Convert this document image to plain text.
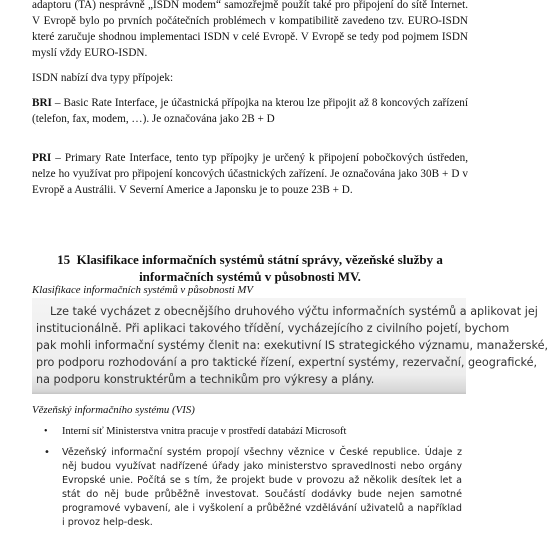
adaptoru (TA) nesprávně „ISDN modem“ samozřejmě použít také pro připojení do sítě Internet. V Evropě bylo po prvních počátečních problémech v kompatibilitě zavedeno tzv. EURO-ISDN které zaručuje shodnou implementaci ISDN v celé Evropě. V Evropě se tedy pod pojmem ISDN myslí vždy EURO-ISDN.
ISDN nabízí dva typy přípojek:
BRI – Basic Rate Interface, je účastnická přípojka na kterou lze připojit až 8 koncových zařízení (telefon, fax, modem, …). Je označována jako 2B + D
PRI – Primary Rate Interface, tento typ přípojky je určený k připojení pobočkových ústředen, nelze ho využívat pro připojení koncových účastnických zařízení. Je označována jako 30B + D v Evropě a Austrálii. V Severní Americe a Japonsku je to pouze 23B + D.
15 Klasifikace informačních systémů státní správy, vězeňské služby a
informačních systémů v působnosti MV.
Klasifikace informačních systémů v působnosti MV
Lze také vycházet z obecnějšího druhového výčtu informačních systémů a aplikovat jej
institucionálně. Při aplikaci takového třídění, vycházejícího z civilního pojetí, bychom
pak mohli informační systémy členit na: exekutivní IS strategického významu, manažerské,
pro podporu rozhodování a pro taktické řízení, expertní systémy, rezervační, geografické,
na podporu konstruktérům a technikům pro výkresy a plány.
Vězeňský informačního systému (VIS)
• Interní síť Ministerstva vnitra pracuje v prostředí databází Microsoft
• Vězeňský informační systém propojí všechny věznice v České republice. Údaje z něj budou využívat nadřízené úřady jako ministerstvo spravedlnosti nebo orgány Evropské unie. Počítá se s tím, že projekt bude v provozu až několik desítek let a stát do něj bude průběžně investovat. Součástí dodávky bude nejen samotné programové vybavení, ale i vyškolení a průběžné vzdělávání uživatelů a například i provoz help-desk.
